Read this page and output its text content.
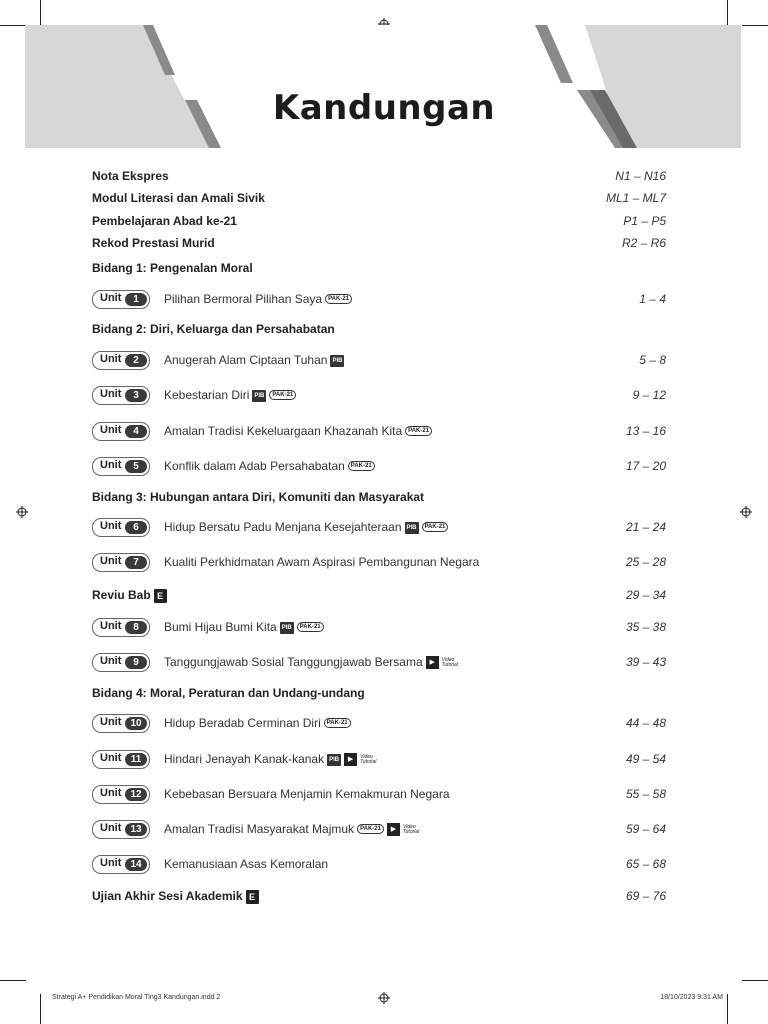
Kandungan
Nota Ekspres	N1 – N16
Modul Literasi dan Amali Sivik	ML1 – ML7
Pembelajaran Abad ke-21	P1 – P5
Rekod Prestasi Murid	R2 – R6
Bidang 1: Pengenalan Moral
Unit	1	Pilihan Bermoral Pilihan Saya PAK-21	1 – 4
Bidang 2: Diri, Keluarga dan Persahabatan
Unit	2	Anugerah Alam Ciptaan Tuhan PIB	5 – 8
Unit	3	Kebestarian Diri PIB PAK-21	9 – 12
Unit	4	Amalan Tradisi Kekeluargaan Khazanah Kita PAK-21	13 – 16
Unit	5	Konflik dalam Adab Persahabatan PAK-21	17 – 20
Bidang 3: Hubungan antara Diri, Komuniti dan Masyarakat
Unit	6	Hidup Bersatu Padu Menjana Kesejahteraan PIB PAK-21	21 – 24
Unit	7	Kualiti Perkhidmatan Awam Aspirasi Pembangunan Negara	25 – 28
Reviu Bab E	29 – 34
Unit	8	Bumi Hijau Bumi Kita PIB PAK-21	35 – 38
Unit	9	Tanggungjawab Sosial Tanggungjawab Bersama ▶ Video Tutorial	39 – 43
Bidang 4: Moral, Peraturan dan Undang-undang
Unit 10	Hidup Beradab Cerminan Diri PAK-21	44 – 48
Unit 11	Hindari Jenayah Kanak-kanak PIB ▶ Video Tutorial	49 – 54
Unit 12	Kebebasan Bersuara Menjamin Kemakmuran Negara	55 – 58
Unit 13	Amalan Tradisi Masyarakat Majmuk PAK-21 ▶ Video Tutorial	59 – 64
Unit 14	Kemanusiaan Asas Kemoralan	65 – 68
Ujian Akhir Sesi Akademik E	69 – 76
Strategi A+ Pendidikan Moral Ting3 Kandungan.indd 2	18/10/2023 9:31 AM
